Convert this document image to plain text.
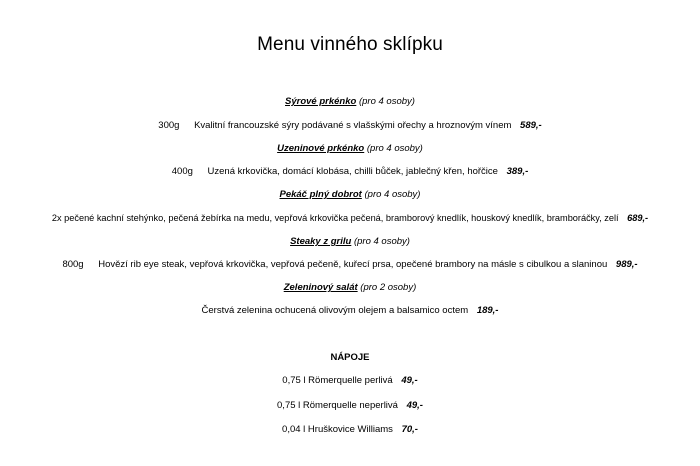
Menu vinného sklípku
Sýrové prkénko (pro 4 osoby)
300g Kvalitní francouzské sýry podávané s vlašskými ořechy a hroznovým vínem 589,-
Uzeninové prkénko (pro 4 osoby)
400g Uzená krkovička, domácí klobása, chilli bůček, jablečný křen, hořčice 389,-
Pekáč plný dobrot (pro 4 osoby)
2x pečené kachní stehýnko, pečená žebírka na medu, vepřová krkovička pečená, bramborový knedlík, houskový knedlík, bramboráčky, zelí 689,-
Steaky z grilu (pro 4 osoby)
800g Hovězí rib eye steak, vepřová krkovička, vepřová pečeně, kuřecí prsa, opečené brambory na másle s cibulkou a slaninou 989,-
Zeleninový salát (pro 2 osoby)
Čerstvá zelenina ochucená olivovým olejem a balsamico octem 189,-
NÁPOJE
0,75 l Römerquelle perlivá 49,-
0,75 l Römerquelle neperlivá 49,-
0,04 l Hruškovice Williams 70,-
